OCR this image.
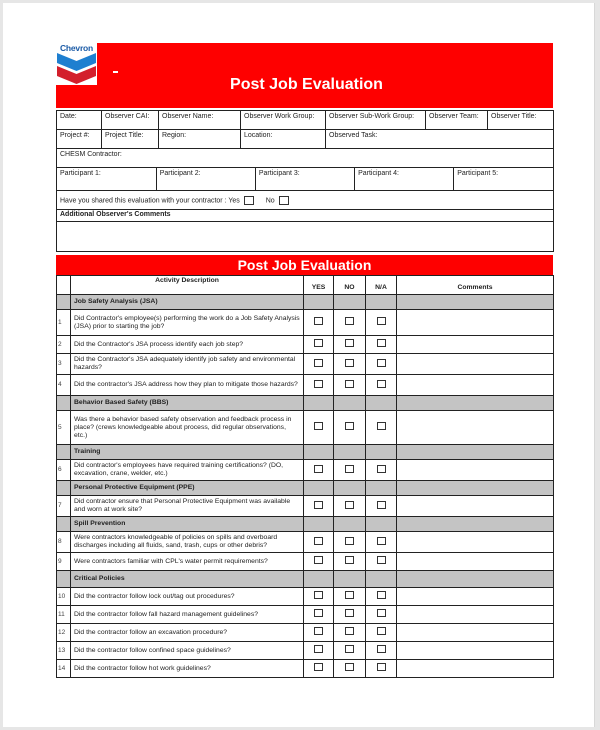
Chevron
Post Job Evaluation
Date:	Observer CAI:	Observer Name:	Observer Work Group:	Observer Sub-Work Group:	Observer Team:	Observer Title:
Project #:	Project Title:	Region:	Location:	Observed Task:
CHESM Contractor:

Participant 1:	Participant 2:	Participant 3:	Participant 4:	Participant 5:

Have you shared this evaluation with your contractor : Yes	No
Additional Observer's Comments

Post Job Evaluation
	Activity Description	YES	NO	N/A	Comments
	Job Safety Analysis (JSA)				
1	Did Contractor's employee(s) performing the work do a Job Safety Analysis (JSA) prior to starting the job?				
2	Did the Contractor's JSA process identify each job step?				
3	Did the Contractor's JSA adequately identify job safety and environmental hazards?				
4	Did the contractor's JSA address how they plan to mitigate those hazards?				
	Behavior Based Safety (BBS)				
5	Was there a behavior based safety observation and feedback process in place? (crews knowledgeable about process, did regular observations, etc.)				
	Training				
6	Did contractor's employees have required training certifications? (DO, excavation, crane, welder, etc.)				
	Personal Protective Equipment (PPE)				
7	Did contractor ensure that Personal Protective Equipment was available and worn at work site?				
	Spill Prevention				
8	Were contractors knowledgeable of policies on spills and overboard discharges including all fluids, sand, trash, cups or other debris?				
9	Were contractors familiar with CPL's water permit requirements?				
	Critical Policies				
10	Did the contractor follow lock out/tag out procedures?				
11	Did the contractor follow fall hazard management guidelines?				
12	Did the contractor follow an excavation procedure?				
13	Did the contractor follow confined space guidelines?				
14	Did the contractor follow hot work guidelines?				
